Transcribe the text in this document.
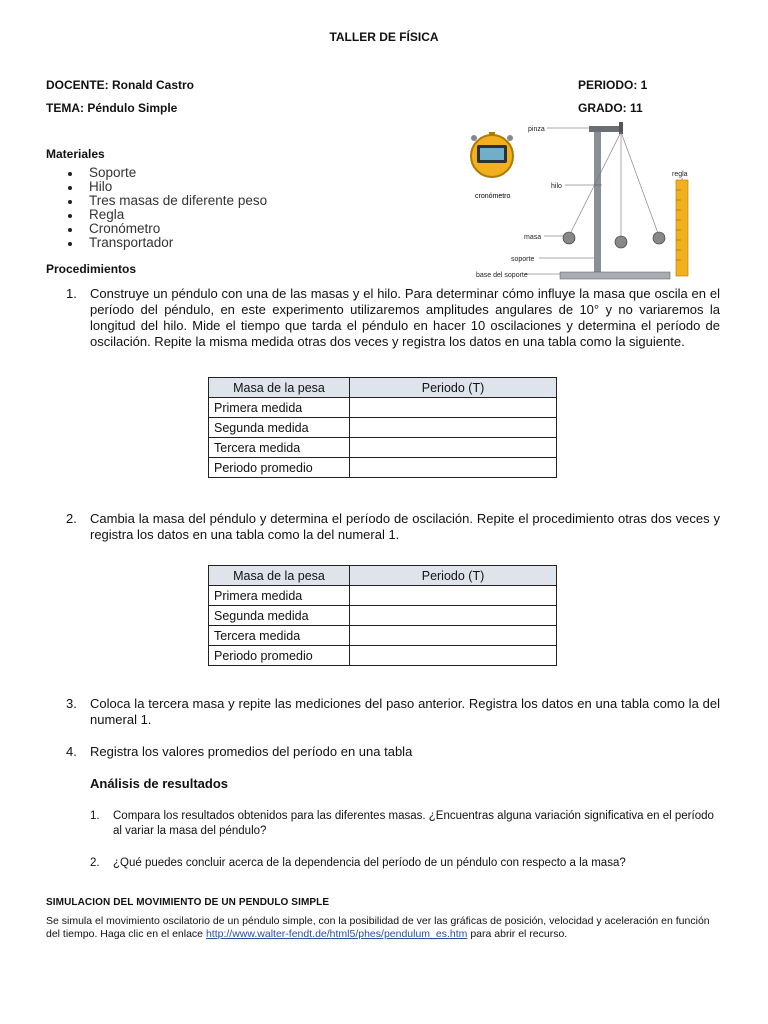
TALLER DE FÍSICA
DOCENTE: Ronald Castro	PERIODO: 1
TEMA: Péndulo Simple	GRADO: 11
Materiales
Soporte
Hilo
Tres masas de diferente peso
Regla
Cronómetro
Transportador
cronómetro
pinza
regla
hilo
masa
soporte
base del soporte
Procedimientos
1. Construye un péndulo con una de las masas y el hilo. Para determinar cómo influye la masa que oscila en el período del péndulo, en este experimento utilizaremos amplitudes angulares de 10° y no variaremos la longitud del hilo. Mide el tiempo que tarda el péndulo en hacer 10 oscilaciones y determina el período de oscilación. Repite la misma medida otras dos veces y registra los datos en una tabla como la siguiente.
Masa de la pesa	Periodo (T)
Primera medida	
Segunda medida	
Tercera medida	
Periodo promedio	
2. Cambia la masa del péndulo y determina el período de oscilación. Repite el procedimiento otras dos veces y registra los datos en una tabla como la del numeral 1.
Masa de la pesa	Periodo (T)
Primera medida	
Segunda medida	
Tercera medida	
Periodo promedio	
3. Coloca la tercera masa y repite las mediciones del paso anterior. Registra los datos en una tabla como la del numeral 1.
4. Registra los valores promedios del período en una tabla
Análisis de resultados
1. Compara los resultados obtenidos para las diferentes masas. ¿Encuentras alguna variación significativa en el período al variar la masa del péndulo?
2. ¿Qué puedes concluir acerca de la dependencia del período de un péndulo con respecto a la masa?
SIMULACION DEL MOVIMIENTO DE UN PENDULO SIMPLE
Se simula el movimiento oscilatorio de un péndulo simple, con la posibilidad de ver las gráficas de posición, velocidad y aceleración en función del tiempo. Haga clic en el enlace http://www.walter-fendt.de/html5/phes/pendulum_es.htm para abrir el recurso.
